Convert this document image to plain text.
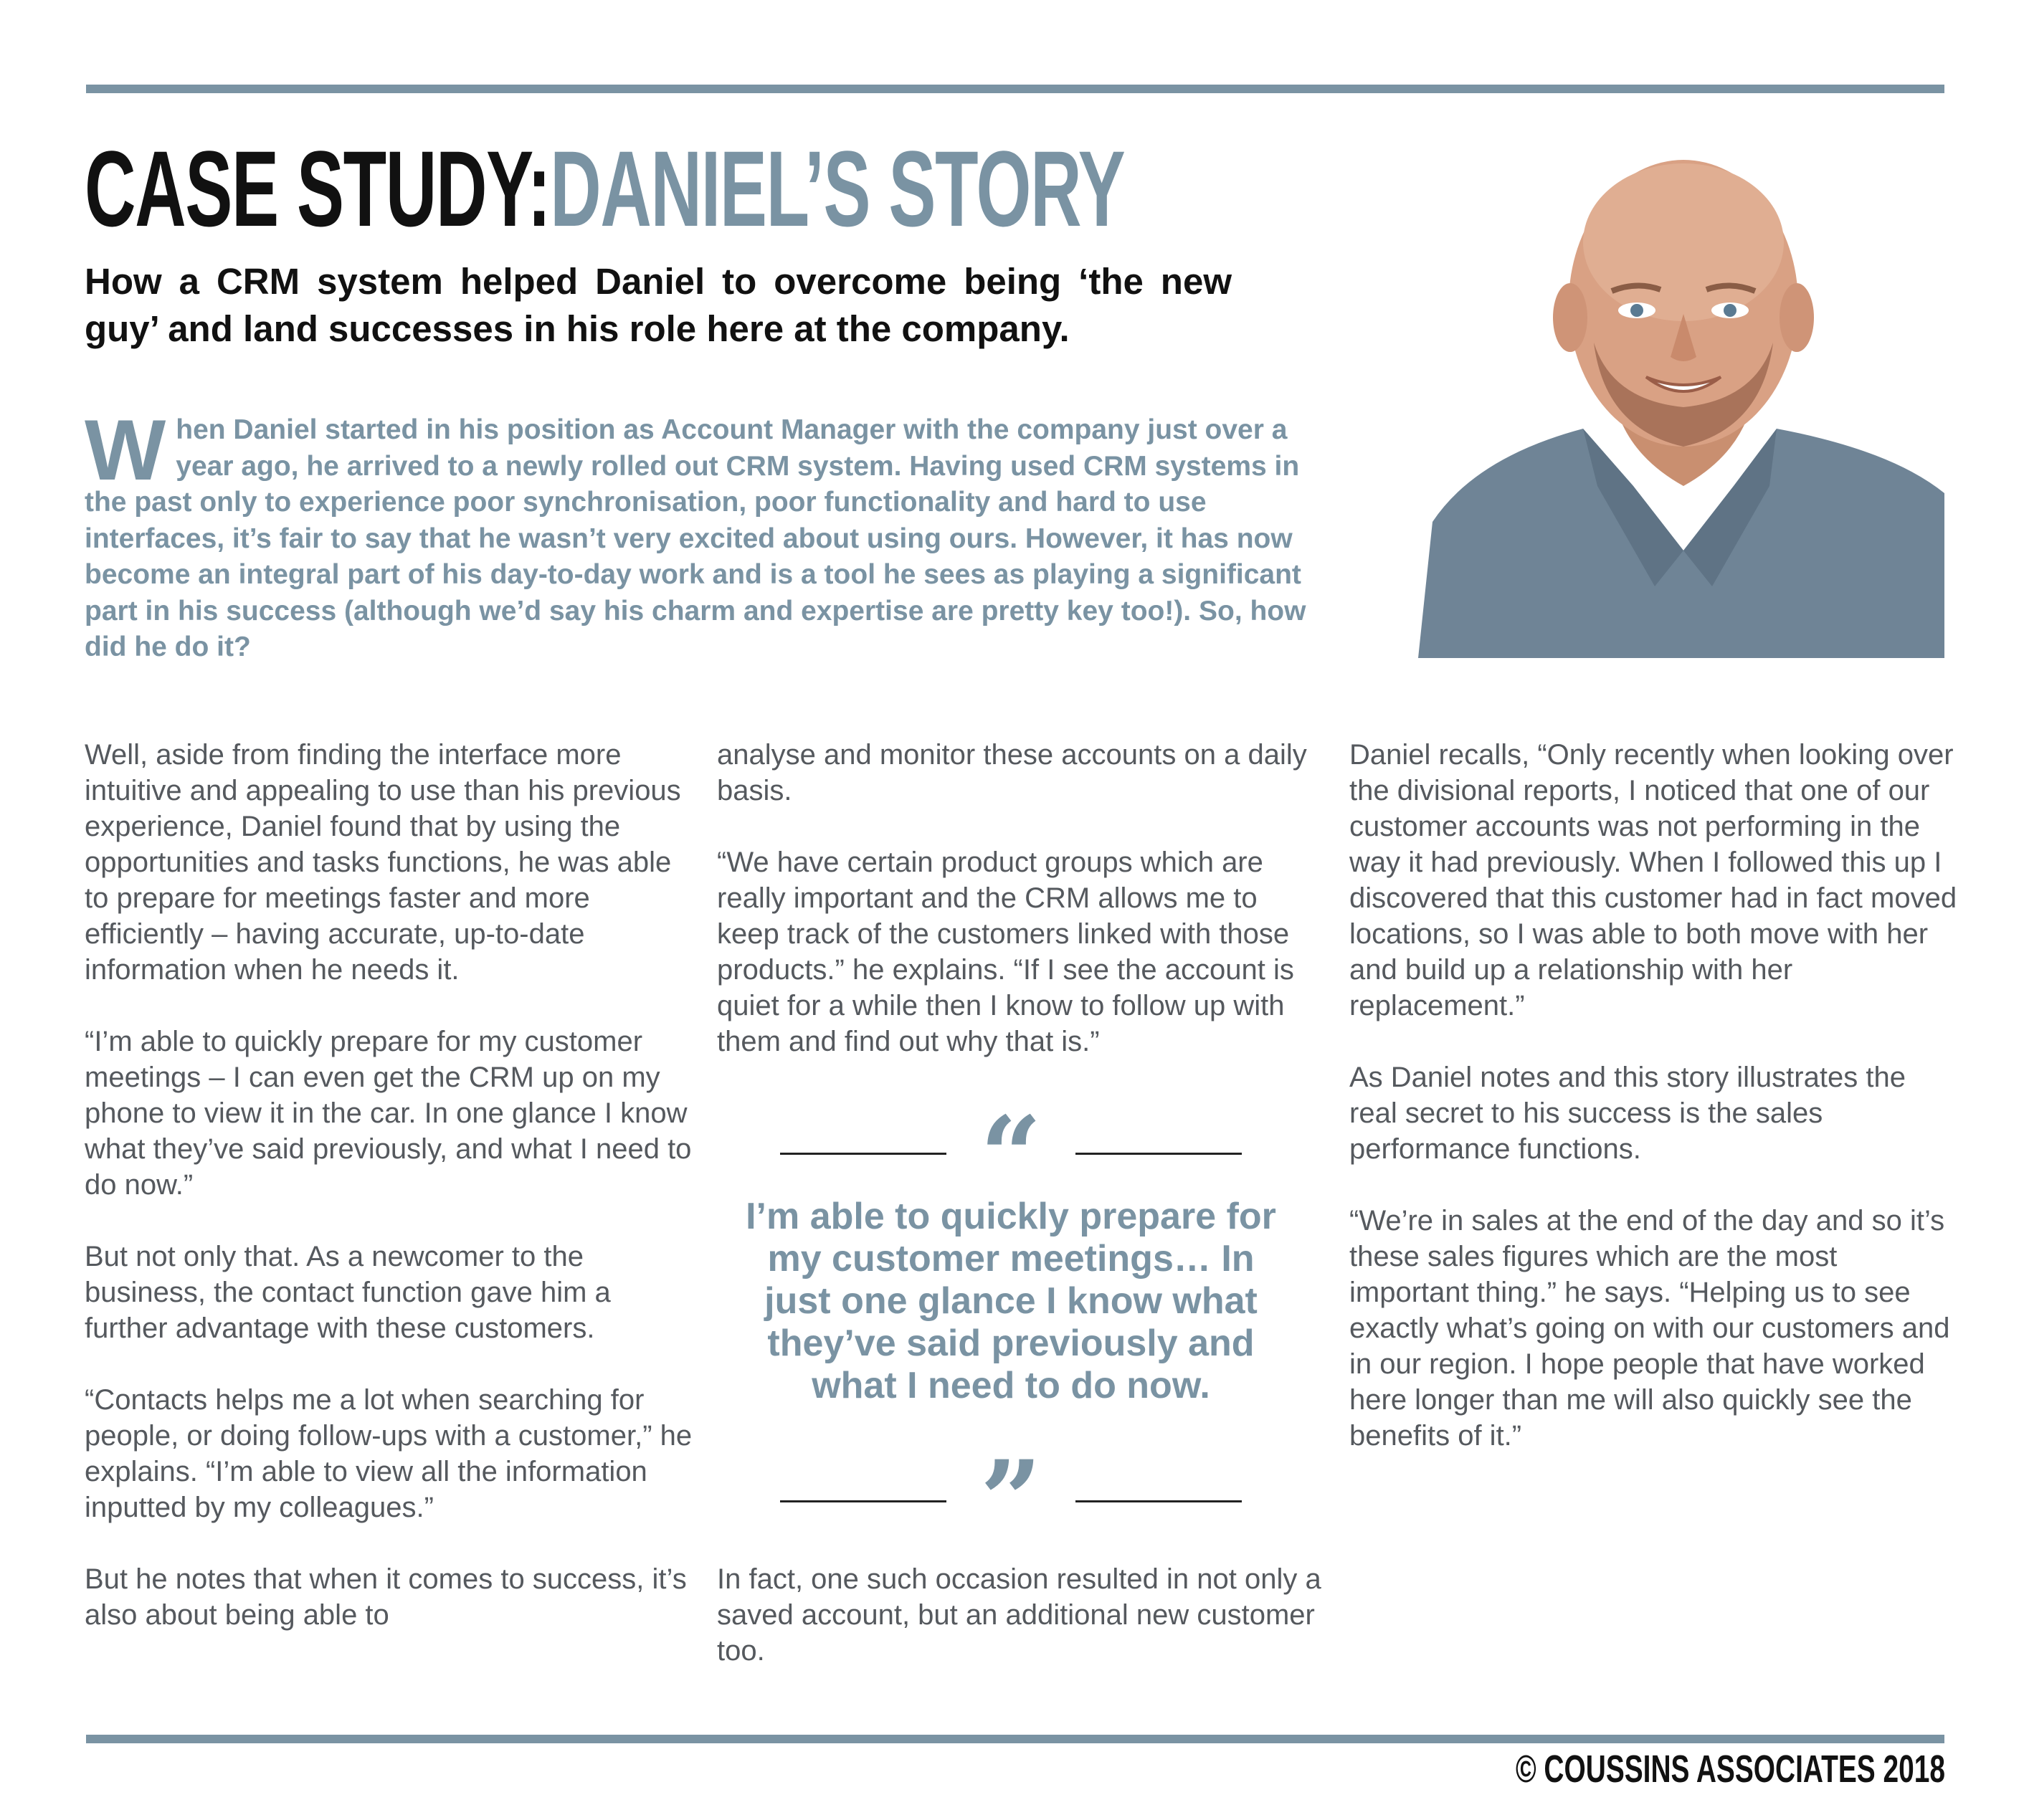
CASE STUDY:DANIEL’S STORY

How a CRM system helped Daniel to overcome being ‘the new guy’ and land successes in his role here at the company.

When Daniel started in his position as Account Manager with the company just over a year ago, he arrived to a newly rolled out CRM system. Having used CRM systems in the past only to experience poor synchronisation, poor functionality and hard to use interfaces, it’s fair to say that he wasn’t very excited about using ours. However, it has now become an integral part of his day-to-day work and is a tool he sees as playing a significant part in his success (although we’d say his charm and expertise are pretty key too!). So, how did he do it?

Well, aside from finding the interface more intuitive and appealing to use than his previous experience, Daniel found that by using the opportunities and tasks functions, he was able to prepare for meetings faster and more efficiently – having accurate, up-to-date information when he needs it.

“I’m able to quickly prepare for my customer meetings – I can even get the CRM up on my phone to view it in the car. In one glance I know what they’ve said previously, and what I need to do now.”

But not only that. As a newcomer to the business, the contact function gave him a further advantage with these customers.

“Contacts helps me a lot when searching for people, or doing follow-ups with a customer,” he explains. “I’m able to view all the information inputted by my colleagues.”

But he notes that when it comes to success, it’s also about being able to

analyse and monitor these accounts on a daily basis.

“We have certain product groups which are really important and the CRM allows me to keep track of the customers linked with those products.” he explains. “If I see the account is quiet for a while then I know to follow up with them and find out why that is.”

“
I’m able to quickly prepare for my customer meetings… In just one glance I know what they’ve said previously and what I need to do now.
”

In fact, one such occasion resulted in not only a saved account, but an additional new customer too.

Daniel recalls, “Only recently when looking over the divisional reports, I noticed that one of our customer accounts was not performing in the way it had previously. When I followed this up I discovered that this customer had in fact moved locations, so I was able to both move with her and build up a relationship with her replacement.”

As Daniel notes and this story illustrates the real secret to his success is the sales performance functions.

“We’re in sales at the end of the day and so it’s these sales figures which are the most important thing.” he says. “Helping us to see exactly what’s going on with our customers and in our region. I hope people that have worked here longer than me will also quickly see the benefits of it.”

© COUSSINS ASSOCIATES 2018
